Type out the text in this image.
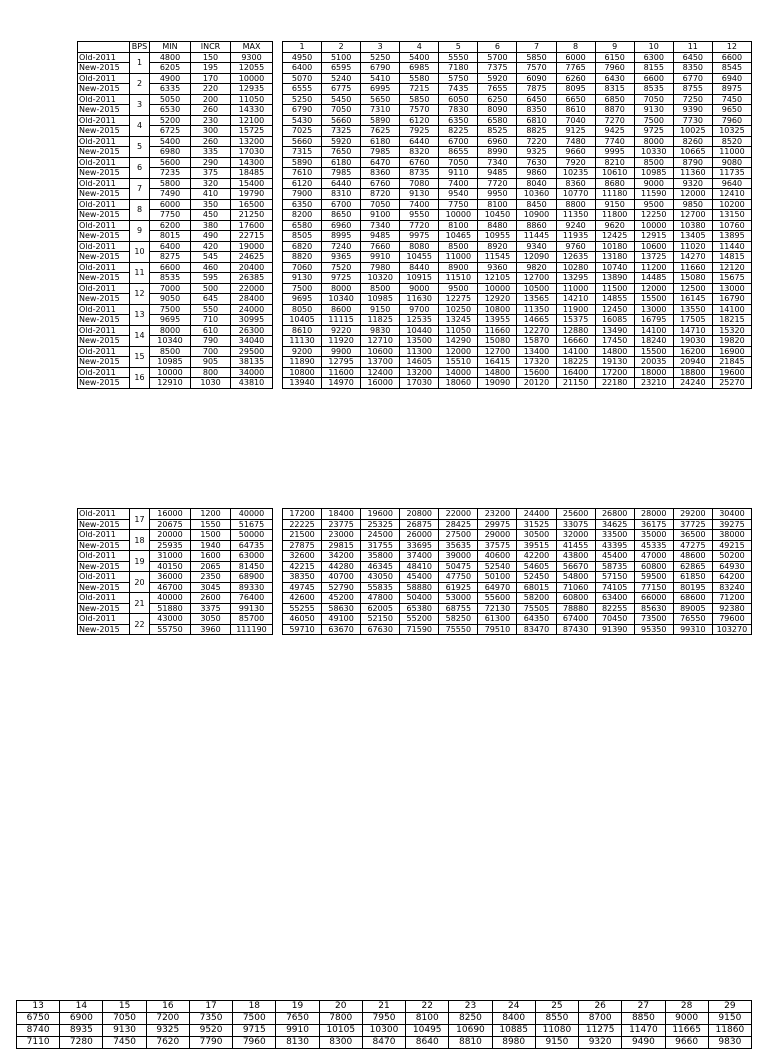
	BPS	MIN	INCR	MAX
Old-2011	1	4800	150	9300
New-2015		6205	195	12055
Old-2011	2	4900	170	10000
New-2015		6335	220	12935
Old-2011	3	5050	200	11050
New-2015		6530	260	14330
Old-2011	4	5200	230	12100
New-2015		6725	300	15725
Old-2011	5	5400	260	13200
New-2015		6980	335	17030
Old-2011	6	5600	290	14300
New-2015		7235	375	18485
Old-2011	7	5800	320	15400
New-2015		7490	410	19790
Old-2011	8	6000	350	16500
New-2015		7750	450	21250
Old-2011	9	6200	380	17600
New-2015		8015	490	22715
Old-2011	10	6400	420	19000
New-2015		8275	545	24625
Old-2011	11	6600	460	20400
New-2015		8535	595	26385
Old-2011	12	7000	500	22000
New-2015		9050	645	28400
Old-2011	13	7500	550	24000
New-2015		9695	710	30995
Old-2011	14	8000	610	26300
New-2015		10340	790	34040
Old-2011	15	8500	700	29500
New-2015		10985	905	38135
Old-2011	16	10000	800	34000
New-2015		12910	1030	43810
1	2	3	4	5	6	7	8	9	10	11	12
4950	5100	5250	5400	5550	5700	5850	6000	6150	6300	6450	6600
6400	6595	6790	6985	7180	7375	7570	7765	7960	8155	8350	8545
5070	5240	5410	5580	5750	5920	6090	6260	6430	6600	6770	6940
6555	6775	6995	7215	7435	7655	7875	8095	8315	8535	8755	8975
5250	5450	5650	5850	6050	6250	6450	6650	6850	7050	7250	7450
6790	7050	7310	7570	7830	8090	8350	8610	8870	9130	9390	9650
5430	5660	5890	6120	6350	6580	6810	7040	7270	7500	7730	7960
7025	7325	7625	7925	8225	8525	8825	9125	9425	9725	10025	10325
5660	5920	6180	6440	6700	6960	7220	7480	7740	8000	8260	8520
7315	7650	7985	8320	8655	8990	9325	9660	9995	10330	10665	11000
5890	6180	6470	6760	7050	7340	7630	7920	8210	8500	8790	9080
7610	7985	8360	8735	9110	9485	9860	10235	10610	10985	11360	11735
6120	6440	6760	7080	7400	7720	8040	8360	8680	9000	9320	9640
7900	8310	8720	9130	9540	9950	10360	10770	11180	11590	12000	12410
6350	6700	7050	7400	7750	8100	8450	8800	9150	9500	9850	10200
8200	8650	9100	9550	10000	10450	10900	11350	11800	12250	12700	13150
6580	6960	7340	7720	8100	8480	8860	9240	9620	10000	10380	10760
8505	8995	9485	9975	10465	10955	11445	11935	12425	12915	13405	13895
6820	7240	7660	8080	8500	8920	9340	9760	10180	10600	11020	11440
8820	9365	9910	10455	11000	11545	12090	12635	13180	13725	14270	14815
7060	7520	7980	8440	8900	9360	9820	10280	10740	11200	11660	12120
9130	9725	10320	10915	11510	12105	12700	13295	13890	14485	15080	15675
7500	8000	8500	9000	9500	10000	10500	11000	11500	12000	12500	13000
9695	10340	10985	11630	12275	12920	13565	14210	14855	15500	16145	16790
8050	8600	9150	9700	10250	10800	11350	11900	12450	13000	13550	14100
10405	11115	11825	12535	13245	13955	14665	15375	16085	16795	17505	18215
8610	9220	9830	10440	11050	11660	12270	12880	13490	14100	14710	15320
11130	11920	12710	13500	14290	15080	15870	16660	17450	18240	19030	19820
9200	9900	10600	11300	12000	12700	13400	14100	14800	15500	16200	16900
11890	12795	13700	14605	15510	16415	17320	18225	19130	20035	20940	21845
10800	11600	12400	13200	14000	14800	15600	16400	17200	18000	18800	19600
13940	14970	16000	17030	18060	19090	20120	21150	22180	23210	24240	25270
Old-2011	17	16000	1200	40000
New-2015		20675	1550	51675
Old-2011	18	20000	1500	50000
New-2015		25935	1940	64735
Old-2011	19	31000	1600	63000
New-2015		40150	2065	81450
Old-2011	20	36000	2350	68900
New-2015		46700	3045	89330
Old-2011	21	40000	2600	76400
New-2015		51880	3375	99130
Old-2011	22	43000	3050	85700
New-2015		55750	3960	111190
17200	18400	19600	20800	22000	23200	24400	25600	26800	28000	29200	30400
22225	23775	25325	26875	28425	29975	31525	33075	34625	36175	37725	39275
21500	23000	24500	26000	27500	29000	30500	32000	33500	35000	36500	38000
27875	29815	31755	33695	35635	37575	39515	41455	43395	45335	47275	49215
32600	34200	35800	37400	39000	40600	42200	43800	45400	47000	48600	50200
42215	44280	46345	48410	50475	52540	54605	56670	58735	60800	62865	64930
38350	40700	43050	45400	47750	50100	52450	54800	57150	59500	61850	64200
49745	52790	55835	58880	61925	64970	68015	71060	74105	77150	80195	83240
42600	45200	47800	50400	53000	55600	58200	60800	63400	66000	68600	71200
55255	58630	62005	65380	68755	72130	75505	78880	82255	85630	89005	92380
46050	49100	52150	55200	58250	61300	64350	67400	70450	73500	76550	79600
59710	63670	67630	71590	75550	79510	83470	87430	91390	95350	99310	103270
13	14	15	16	17	18	19	20	21	22	23	24	25	26	27	28	29
6750	6900	7050	7200	7350	7500	7650	7800	7950	8100	8250	8400	8550	8700	8850	9000	9150
8740	8935	9130	9325	9520	9715	9910	10105	10300	10495	10690	10885	11080	11275	11470	11665	11860
7110	7280	7450	7620	7790	7960	8130	8300	8470	8640	8810	8980	9150	9320	9490	9660	9830
